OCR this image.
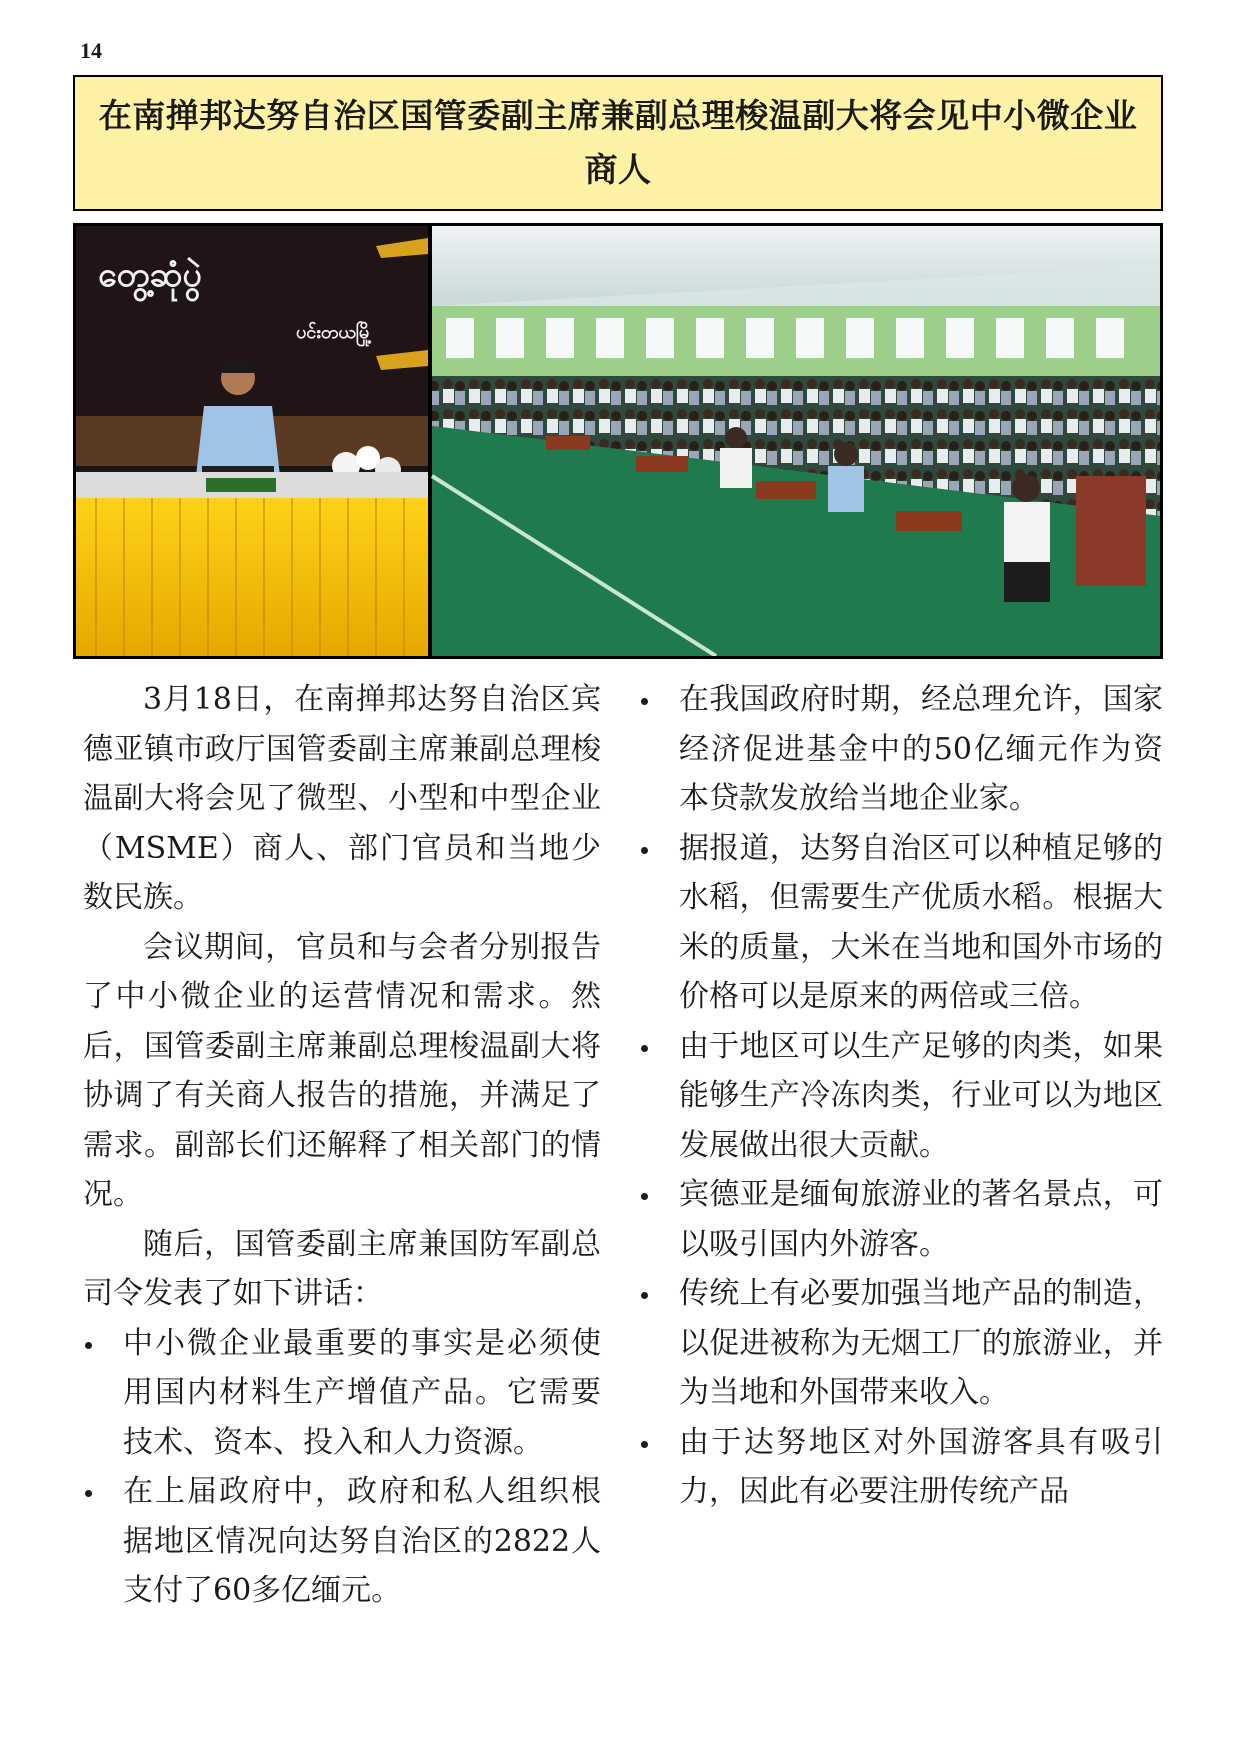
14
在南掸邦达努自治区国管委副主席兼副总理梭温副大将会见中小微企业商人
တွေ့ဆုံပွဲ
ပင်းတယမြို့

3月18日，在南掸邦达努自治区宾德亚镇市政厅国管委副主席兼副总理梭温副大将会见了微型、小型和中型企业（MSME）商人、部门官员和当地少数民族。

会议期间，官员和与会者分别报告了中小微企业的运营情况和需求。然后，国管委副主席兼副总理梭温副大将协调了有关商人报告的措施，并满足了需求。副部长们还解释了相关部门的情况。

随后，国管委副主席兼国防军副总司令发表了如下讲话：

中小微企业最重要的事实是必须使用国内材料生产增值产品。它需要技术、资本、投入和人力资源。
在上届政府中，政府和私人组织根据地区情况向达努自治区的2822人支付了60多亿缅元。
在我国政府时期，经总理允许，国家经济促进基金中的50亿缅元作为资本贷款发放给当地企业家。
据报道，达努自治区可以种植足够的水稻，但需要生产优质水稻。根据大米的质量，大米在当地和国外市场的价格可以是原来的两倍或三倍。
由于地区可以生产足够的肉类，如果能够生产冷冻肉类，行业可以为地区发展做出很大贡献。
宾德亚是缅甸旅游业的著名景点，可以吸引国内外游客。
传统上有必要加强当地产品的制造，以促进被称为无烟工厂的旅游业，并为当地和外国带来收入。
由于达努地区对外国游客具有吸引力，因此有必要注册传统产品
